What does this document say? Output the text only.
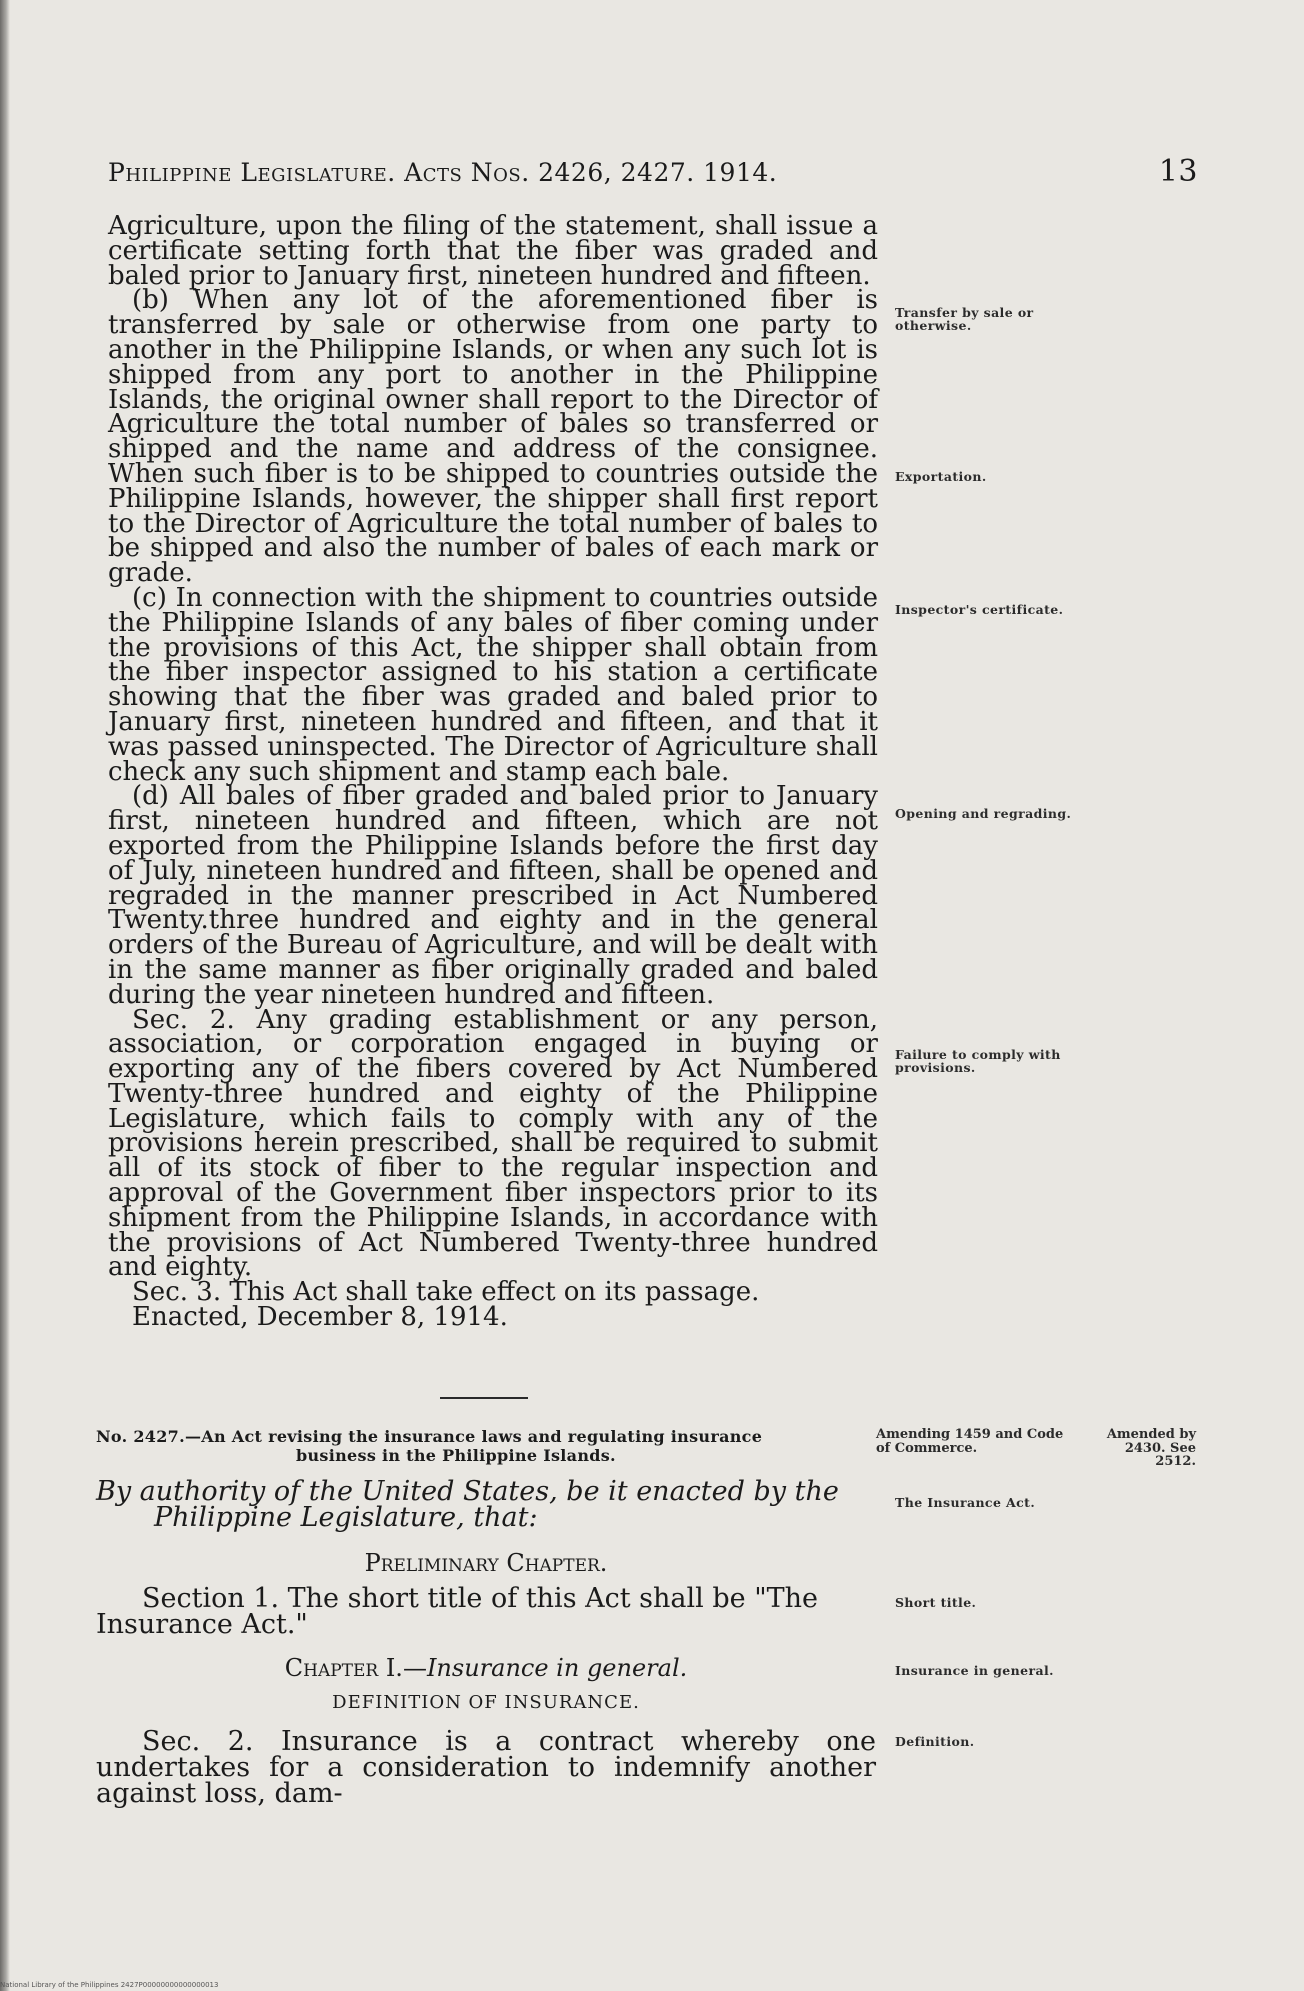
Philippine Legislature. Acts Nos. 2426, 2427. 1914.	13

Agriculture, upon the filing of the statement, shall issue a certificate setting forth that the fiber was graded and baled prior to January first, nineteen hundred and fifteen.

(b) When any lot of the aforementioned fiber is transferred by sale or otherwise from one party to another in the Philippine Islands, or when any such lot is shipped from any port to another in the Philippine Islands, the original owner shall report to the Director of Agriculture the total number of bales so transferred or shipped and the name and address of the consignee. When such fiber is to be shipped to countries outside the Philippine Islands, however, the shipper shall first report to the Director of Agriculture the total number of bales to be shipped and also the number of bales of each mark or grade.

(c) In connection with the shipment to countries outside the Philippine Islands of any bales of fiber coming under the provisions of this Act, the shipper shall obtain from the fiber inspector assigned to his station a certificate showing that the fiber was graded and baled prior to January first, nineteen hundred and fifteen, and that it was passed uninspected. The Director of Agriculture shall check any such shipment and stamp each bale.

(d) All bales of fiber graded and baled prior to January first, nineteen hundred and fifteen, which are not exported from the Philippine Islands before the first day of July, nineteen hundred and fifteen, shall be opened and regraded in the manner prescribed in Act Numbered Twenty.three hundred and eighty and in the general orders of the Bureau of Agriculture, and will be dealt with in the same manner as fiber originally graded and baled during the year nineteen hundred and fifteen.

Sec. 2. Any grading establishment or any person, association, or corporation engaged in buying or exporting any of the fibers covered by Act Numbered Twenty-three hundred and eighty of the Philippine Legislature, which fails to comply with any of the provisions herein prescribed, shall be required to submit all of its stock of fiber to the regular inspection and approval of the Government fiber inspectors prior to its shipment from the Philippine Islands, in accordance with the provisions of Act Numbered Twenty-three hundred and eighty.

Sec. 3. This Act shall take effect on its passage.

Enacted, December 8, 1914.

Transfer by sale or otherwise.
Exportation.
Inspector's certificate.
Opening and regrading.
Failure to comply with provisions.
The Insurance Act.
Short title.
Insurance in general.
Definition.
Amending 1459 and Code of Commerce.
Amended by 2430. See 2512.
No. 2427.—An Act revising the insurance laws and regulating insurance
business in the Philippine Islands.
By authority of the United States, be it enacted by the
Philippine Legislature, that:
Preliminary Chapter.
Section 1. The short title of this Act shall be "The Insurance Act."
Chapter I.—Insurance in general.
DEFINITION OF INSURANCE.
Sec. 2. Insurance is a contract whereby one undertakes for a consideration to indemnify another against loss, dam-
National Library of the Philippines 2427P00000000000000013
